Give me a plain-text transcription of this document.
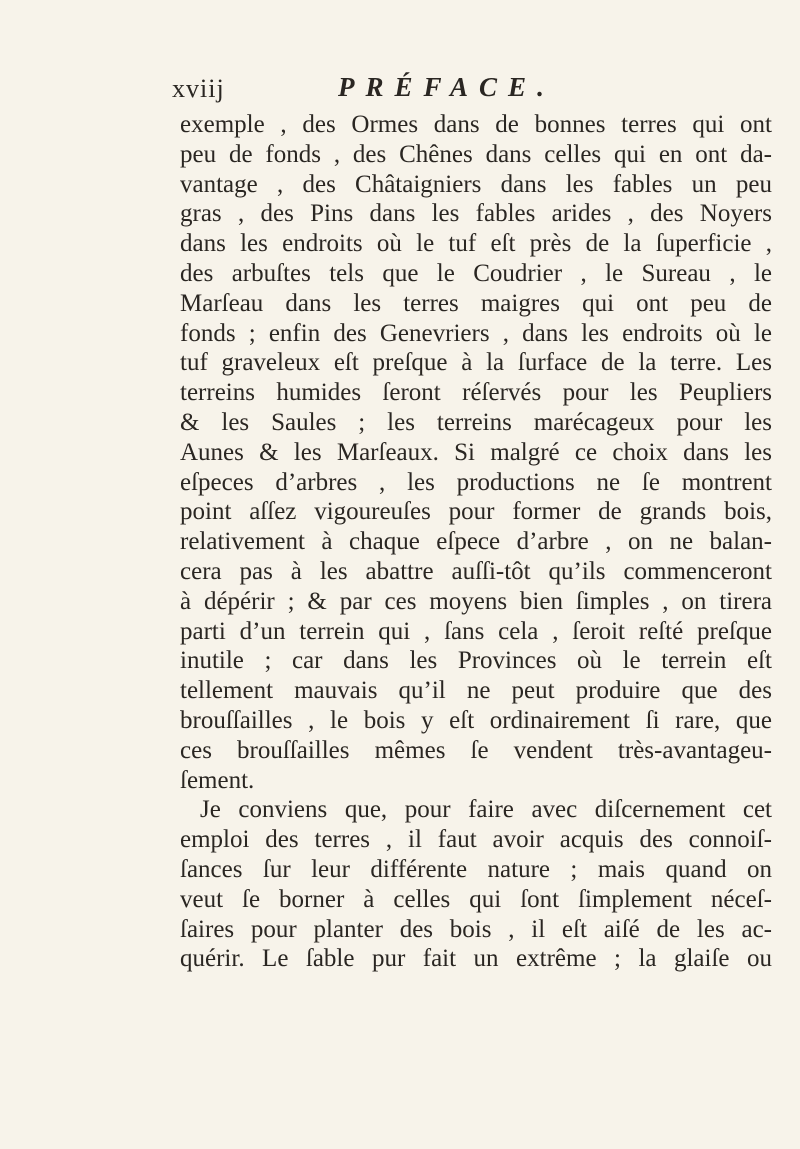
xviij	PRÉFACE.
exemple , des Ormes dans de bonnes terres qui ont
peu de fonds , des Chênes dans celles qui en ont da-
vantage , des Châtaigniers dans les fables un peu
gras , des Pins dans les fables arides , des Noyers
dans les endroits où le tuf eſt près de la ſuperficie ,
des arbuſtes tels que le Coudrier , le Sureau , le
Marſeau dans les terres maigres qui ont peu de
fonds ; enfin des Genevriers , dans les endroits où le
tuf graveleux eſt preſque à la ſurface de la terre. Les
terreins humides ſeront réſervés pour les Peupliers
& les Saules ; les terreins marécageux pour les
Aunes & les Marſeaux. Si malgré ce choix dans les
eſpeces d’arbres , les productions ne ſe montrent
point aſſez vigoureuſes pour former de grands bois,
relativement à chaque eſpece d’arbre , on ne balan-
cera pas à les abattre auſſi-tôt qu’ils commenceront
à dépérir ; & par ces moyens bien ſimples , on tirera
parti d’un terrein qui , ſans cela , ſeroit reſté preſque
inutile ; car dans les Provinces où le terrein eſt
tellement mauvais qu’il ne peut produire que des
brouſſailles , le bois y eſt ordinairement ſi rare, que
ces brouſſailles mêmes ſe vendent très-avantageu-
ſement.
Je conviens que, pour faire avec diſcernement cet
emploi des terres , il faut avoir acquis des connoiſ-
ſances ſur leur différente nature ; mais quand on
veut ſe borner à celles qui ſont ſimplement néceſ-
ſaires pour planter des bois , il eſt aiſé de les ac-
quérir. Le ſable pur fait un extrême ; la glaiſe ou
